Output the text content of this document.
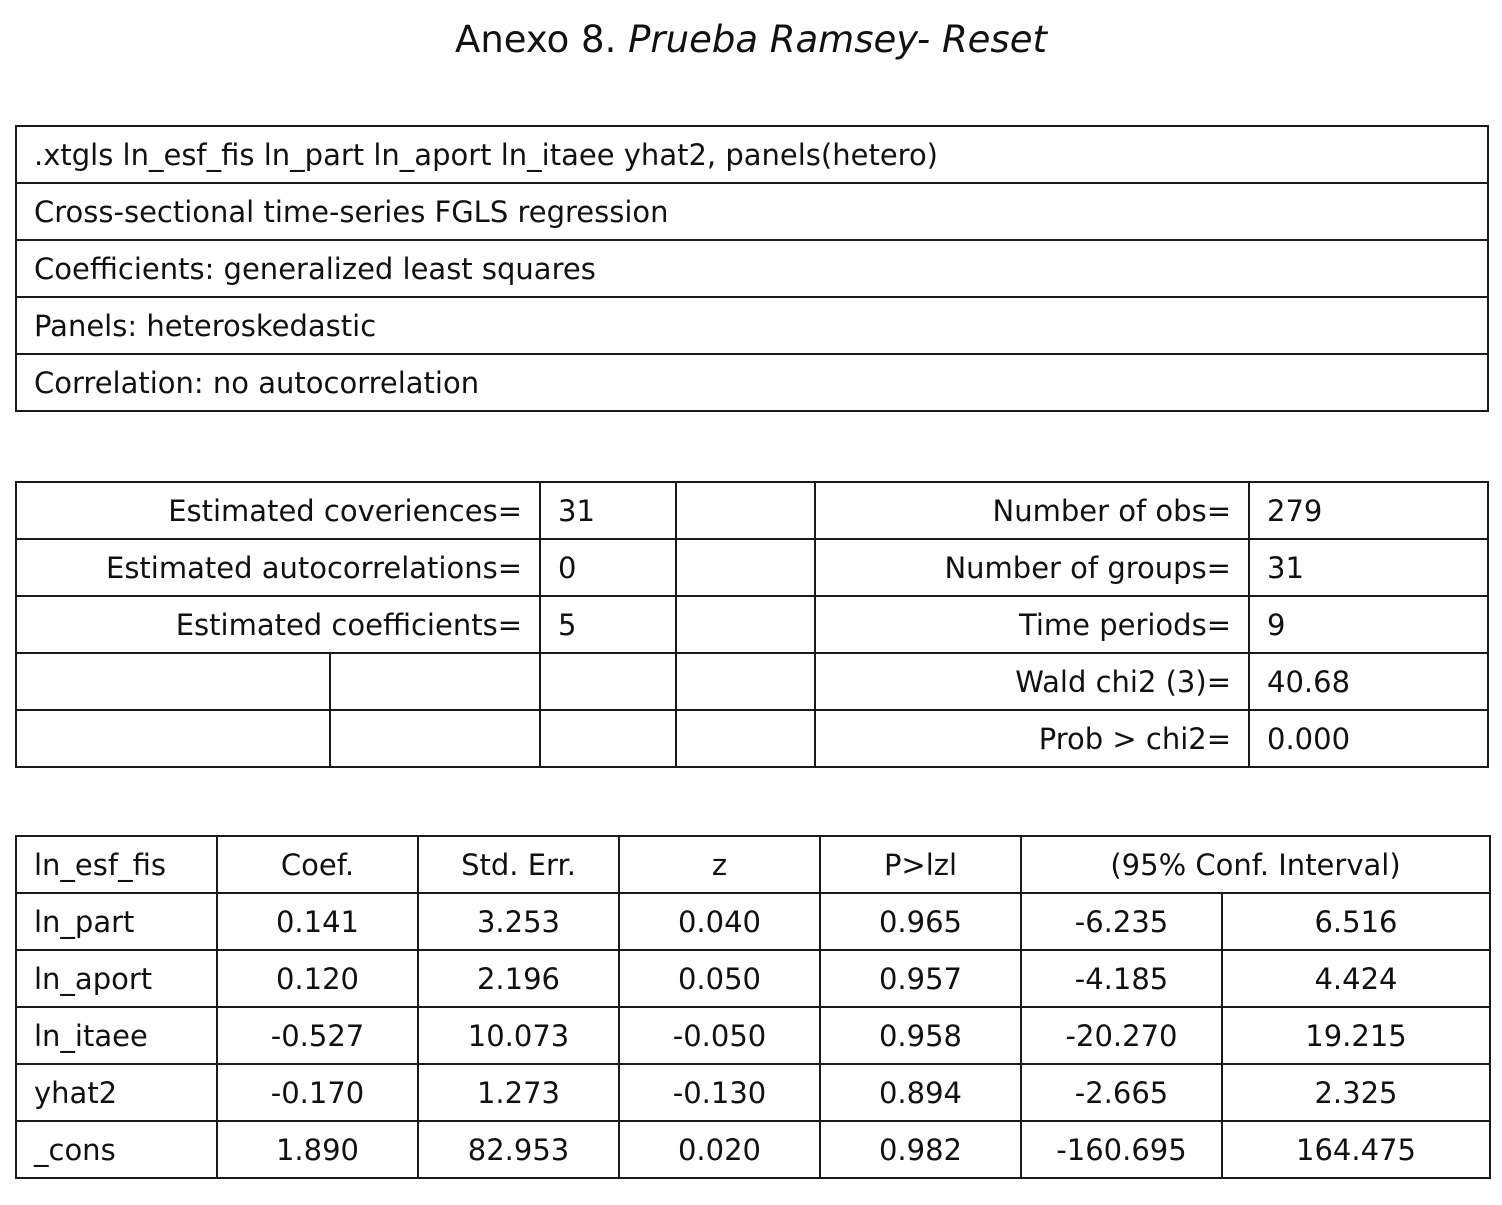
Anexo 8. Prueba Ramsey- Reset
.xtgls ln_esf_fis ln_part ln_aport ln_itaee yhat2, panels(hetero)
Cross-sectional time-series FGLS regression
Coefficients: generalized least squares
Panels: heteroskedastic
Correlation: no autocorrelation
Estimated coveriences=		31		Number of obs=	279
Estimated autocorrelations=		0		Number of groups=	31
Estimated coefficients=		5		Time periods=	9
				Wald chi2 (3)=	40.68
				Prob > chi2=	0.000
ln_esf_fis	Coef.	Std. Err.	z	P>lzl	(95% Conf. Interval)	
ln_part	0.141	3.253	0.040	0.965	-6.235	6.516
ln_aport	0.120	2.196	0.050	0.957	-4.185	4.424
ln_itaee	-0.527	10.073	-0.050	0.958	-20.270	19.215
yhat2	-0.170	1.273	-0.130	0.894	-2.665	2.325
_cons	1.890	82.953	0.020	0.982	-160.695	164.475
